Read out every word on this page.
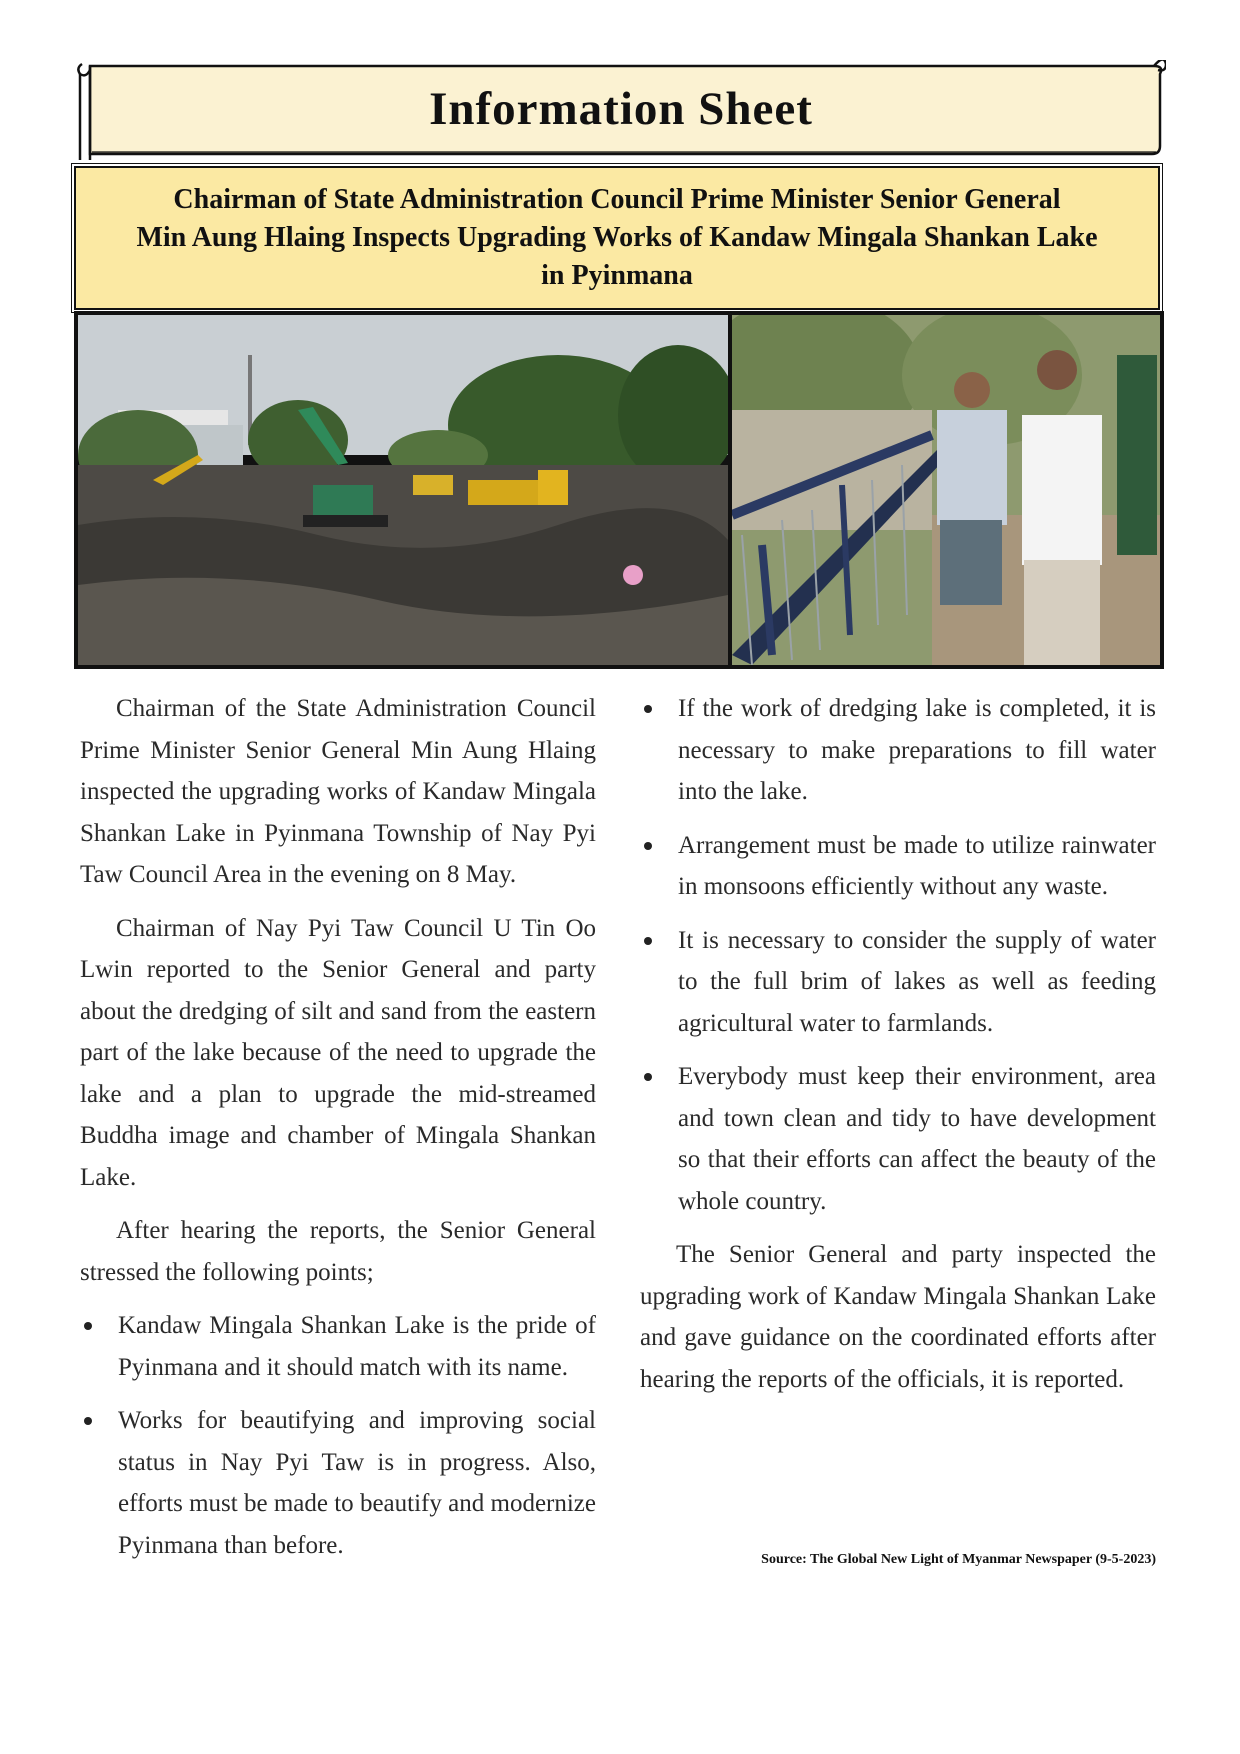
Information Sheet
Chairman of State Administration Council Prime Minister Senior General
Min Aung Hlaing Inspects Upgrading Works of Kandaw Mingala Shankan Lake
in Pyinmana

Chairman of the State Administration Council Prime Minister Senior General Min Aung Hlaing inspected the upgrading works of Kandaw Mingala Shankan Lake in Pyinmana Township of Nay Pyi Taw Council Area in the evening on 8 May.

Chairman of Nay Pyi Taw Council U Tin Oo Lwin reported to the Senior General and party about the dredging of silt and sand from the eastern part of the lake because of the need to upgrade the lake and a plan to upgrade the mid-streamed Buddha image and chamber of Mingala Shankan Lake.

After hearing the reports, the Senior General stressed the following points;

Kandaw Mingala Shankan Lake is the pride of Pyinmana and it should match with its name.
Works for beautifying and improving social status in Nay Pyi Taw is in progress. Also, efforts must be made to beautify and modernize Pyinmana than before.
If the work of dredging lake is completed, it is necessary to make preparations to fill water into the lake.
Arrangement must be made to utilize rainwater in monsoons efficiently without any waste.
It is necessary to consider the supply of water to the full brim of lakes as well as feeding agricultural water to farmlands.
Everybody must keep their environment, area and town clean and tidy to have development so that their efforts can affect the beauty of the whole country.

The Senior General and party inspected the upgrading work of Kandaw Mingala Shankan Lake and gave guidance on the coordinated efforts after hearing the reports of the officials, it is reported.

Source: The Global New Light of Myanmar Newspaper (9-5-2023)
